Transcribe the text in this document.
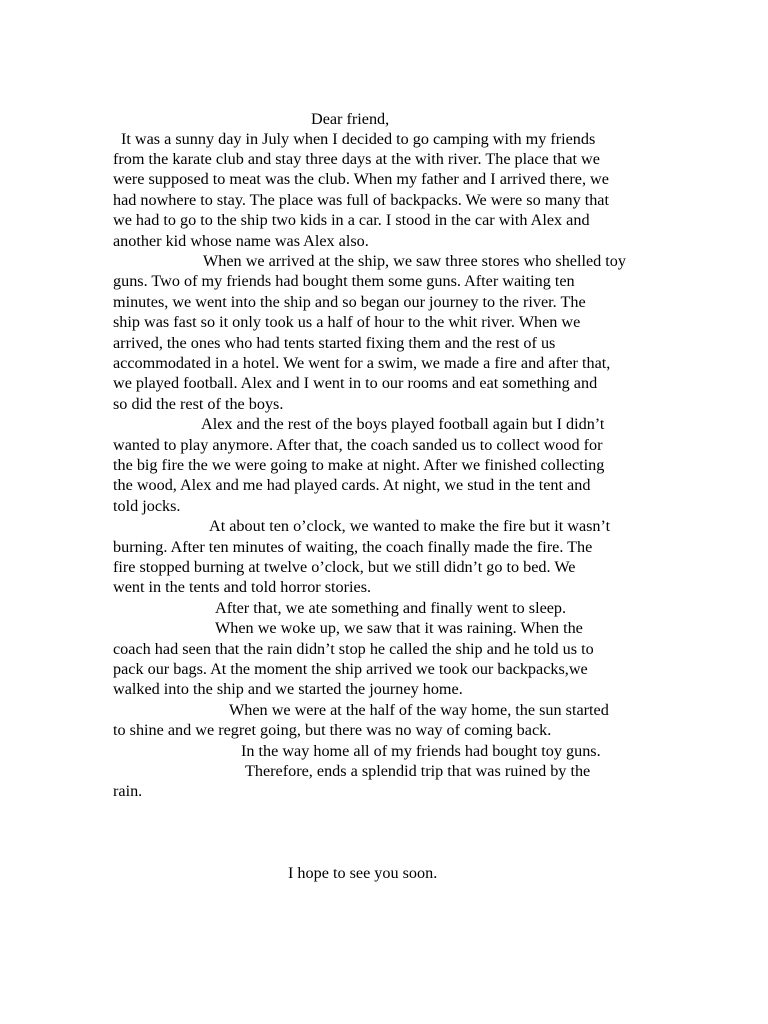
Dear friend,
It was a sunny day in July when I decided to go camping with my friends
from the karate club and stay three days at the with river. The place that we
were supposed to meat was the club. When my father and I arrived there, we
had nowhere to stay. The place was full of backpacks. We were so many that
we had to go to the ship two kids in a car. I stood in the car with Alex and
another kid whose name was Alex also.
When we arrived at the ship, we saw three stores who shelled toy
guns. Two of my friends had bought them some guns. After waiting ten
minutes, we went into the ship and so began our journey to the river. The
ship was fast so it only took us a half of hour to the whit river. When we
arrived, the ones who had tents started fixing them and the rest of us
accommodated in a hotel. We went for a swim, we made a fire and after that,
we played football. Alex and I went in to our rooms and eat something and
so did the rest of the boys.
Alex and the rest of the boys played football again but I didn’t
wanted to play anymore. After that, the coach sanded us to collect wood for
the big fire the we were going to make at night. After we finished collecting
the wood, Alex and me had played cards. At night, we stud in the tent and
told jocks.
At about ten o’clock, we wanted to make the fire but it wasn’t
burning. After ten minutes of waiting, the coach finally made the fire. The
fire stopped burning at twelve o’clock, but we still didn’t go to bed. We
went in the tents and told horror stories.
After that, we ate something and finally went to sleep.
When we woke up, we saw that it was raining. When the
coach had seen that the rain didn’t stop he called the ship and he told us to
pack our bags. At the moment the ship arrived we took our backpacks,we
walked into the ship and we started the journey home.
When we were at the half of the way home, the sun started
to shine and we regret going, but there was no way of coming back.
In the way home all of my friends had bought toy guns.
Therefore, ends a splendid trip that was ruined by the
rain.
I hope to see you soon.
